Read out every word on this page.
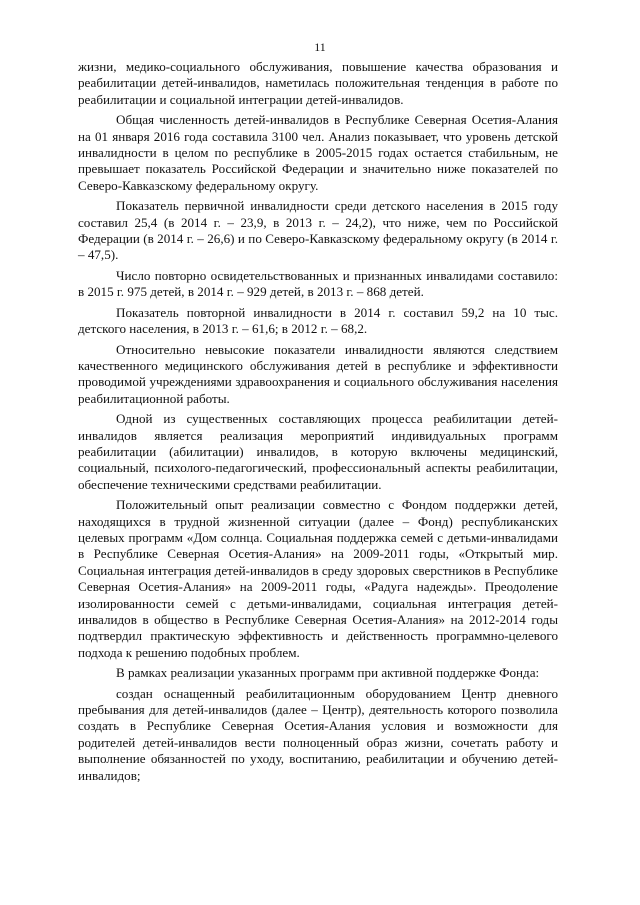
11

жизни, медико-социального обслуживания, повышение качества образования и реабилитации детей-инвалидов, наметилась положительная тенденция в работе по реабилитации и социальной интеграции детей-инвалидов.

Общая численность детей-инвалидов в Республике Северная Осетия-Алания на 01 января 2016 года составила 3100 чел. Анализ показывает, что уровень детской инвалидности в целом по республике в 2005-2015 годах остается стабильным, не превышает показатель Российской Федерации и значительно ниже показателей по Северо-Кавказскому федеральному округу.

Показатель первичной инвалидности среди детского населения в 2015 году составил 25,4 (в 2014 г. – 23,9, в 2013 г. – 24,2), что ниже, чем по Российской Федерации (в 2014 г. – 26,6) и по Северо-Кавказскому федеральному округу (в 2014 г. – 47,5).

Число повторно освидетельствованных и признанных инвалидами составило: в 2015 г. 975 детей, в 2014 г. – 929 детей, в 2013 г. – 868 детей.

Показатель повторной инвалидности в 2014 г. составил 59,2 на 10 тыс. детского населения, в 2013 г. – 61,6; в 2012 г. – 68,2.

Относительно невысокие показатели инвалидности являются следствием качественного медицинского обслуживания детей в республике и эффективности проводимой учреждениями здравоохранения и социального обслуживания населения реабилитационной работы.

Одной из существенных составляющих процесса реабилитации детей-инвалидов является реализация мероприятий индивидуальных программ реабилитации (абилитации) инвалидов, в которую включены медицинский, социальный, психолого-педагогический, профессиональный аспекты реабилитации, обеспечение техническими средствами реабилитации.

Положительный опыт реализации совместно с Фондом поддержки детей, находящихся в трудной жизненной ситуации (далее – Фонд) республиканских целевых программ «Дом солнца. Социальная поддержка семей с детьми-инвалидами в Республике Северная Осетия-Алания» на 2009-2011 годы, «Открытый мир. Социальная интеграция детей-инвалидов в среду здоровых сверстников в Республике Северная Осетия-Алания» на 2009-2011 годы, «Радуга надежды». Преодоление изолированности семей с детьми-инвалидами, социальная интеграция детей-инвалидов в общество в Республике Северная Осетия-Алания» на 2012-2014 годы подтвердил практическую эффективность и действенность программно-целевого подхода к решению подобных проблем.

В рамках реализации указанных программ при активной поддержке Фонда:

создан оснащенный реабилитационным оборудованием Центр дневного пребывания для детей-инвалидов (далее – Центр), деятельность которого позволила создать в Республике Северная Осетия-Алания условия и возможности для родителей детей-инвалидов вести полноценный образ жизни, сочетать работу и выполнение обязанностей по уходу, воспитанию, реабилитации и обучению детей-инвалидов;
